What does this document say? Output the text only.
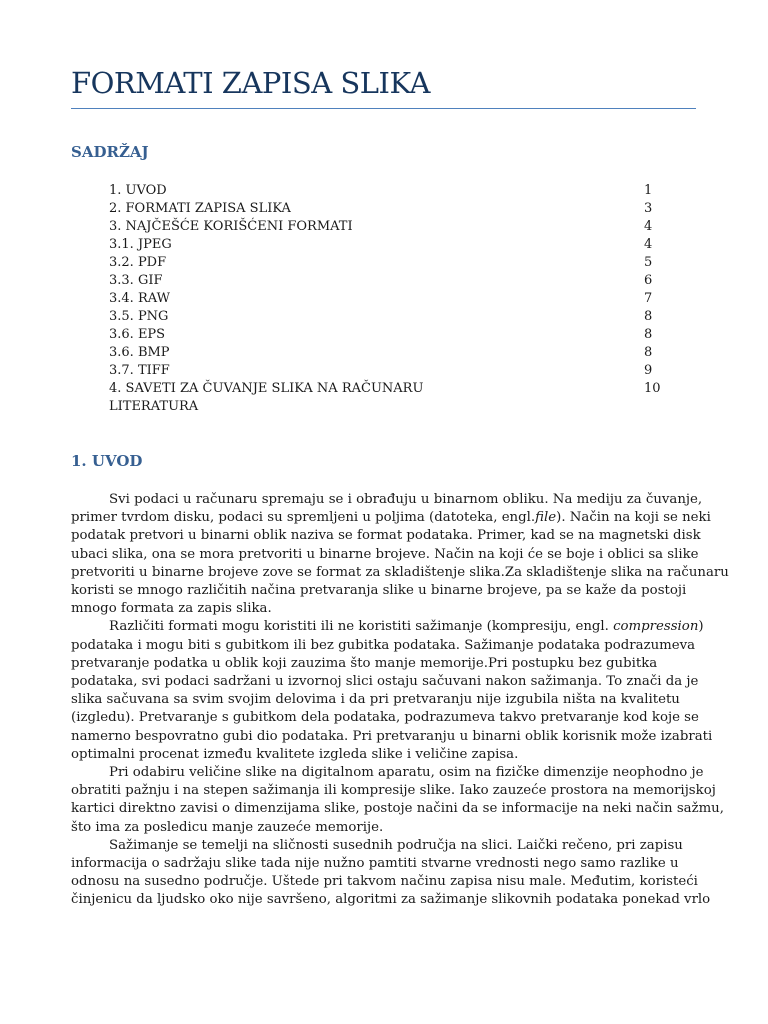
FORMATI ZAPISA SLIKA
SADRŽAJ
1. UVOD	1
2. FORMATI ZAPISA SLIKA	3
3. NAJČEŠĆE KORIŠĆENI FORMATI	4
3.1. JPEG	4
3.2. PDF	5
3.3. GIF	6
3.4. RAW	7
3.5. PNG	8
3.6. EPS	8
3.6. BMP	8
3.7. TIFF	9
4. SAVETI ZA ČUVANJE SLIKA NA RAČUNARU	10
LITERATURA
1. UVOD
Svi podaci u računaru spremaju se i obrađuju u binarnom obliku. Na mediju za čuvanje,
primer tvrdom disku, podaci su spremljeni u poljima (datoteka, engl.file). Način na koji se neki
podatak pretvori u binarni oblik naziva se format podataka. Primer, kad se na magnetski disk
ubaci slika, ona se mora pretvoriti u binarne brojeve. Način na koji će se boje i oblici sa slike
pretvoriti u binarne brojeve zove se format za skladištenje slika.Za skladištenje slika na računaru
koristi se mnogo različitih načina pretvaranja slike u binarne brojeve, pa se kaže da postoji
mnogo formata za zapis slika.
Različiti formati mogu koristiti ili ne koristiti sažimanje (kompresiju, engl. compression)
podataka i mogu biti s gubitkom ili bez gubitka podataka. Sažimanje podataka podrazumeva
pretvaranje podatka u oblik koji zauzima što manje memorije.Pri postupku bez gubitka
podataka, svi podaci sadržani u izvornoj slici ostaju sačuvani nakon sažimanja. To znači da je
slika sačuvana sa svim svojim delovima i da pri pretvaranju nije izgubila ništa na kvalitetu
(izgledu). Pretvaranje s gubitkom dela podataka, podrazumeva takvo pretvaranje kod koje se
namerno bespovratno gubi dio podataka. Pri pretvaranju u binarni oblik korisnik može izabrati
optimalni procenat između kvalitete izgleda slike i veličine zapisa.
Pri odabiru veličine slike na digitalnom aparatu, osim na fizičke dimenzije neophodno je
obratiti pažnju i na stepen sažimanja ili kompresije slike. Iako zauzeće prostora na memorijskoj
kartici direktno zavisi o dimenzijama slike, postoje načini da se informacije na neki način sažmu,
što ima za posledicu manje zauzeće memorije.
Sažimanje se temelji na sličnosti susednih područja na slici. Laički rečeno, pri zapisu
informacija o sadržaju slike tada nije nužno pamtiti stvarne vrednosti nego samo razlike u
odnosu na susedno područje. Uštede pri takvom načinu zapisa nisu male. Međutim, koristeći
činjenicu da ljudsko oko nije savršeno, algoritmi za sažimanje slikovnih podataka ponekad vrlo
